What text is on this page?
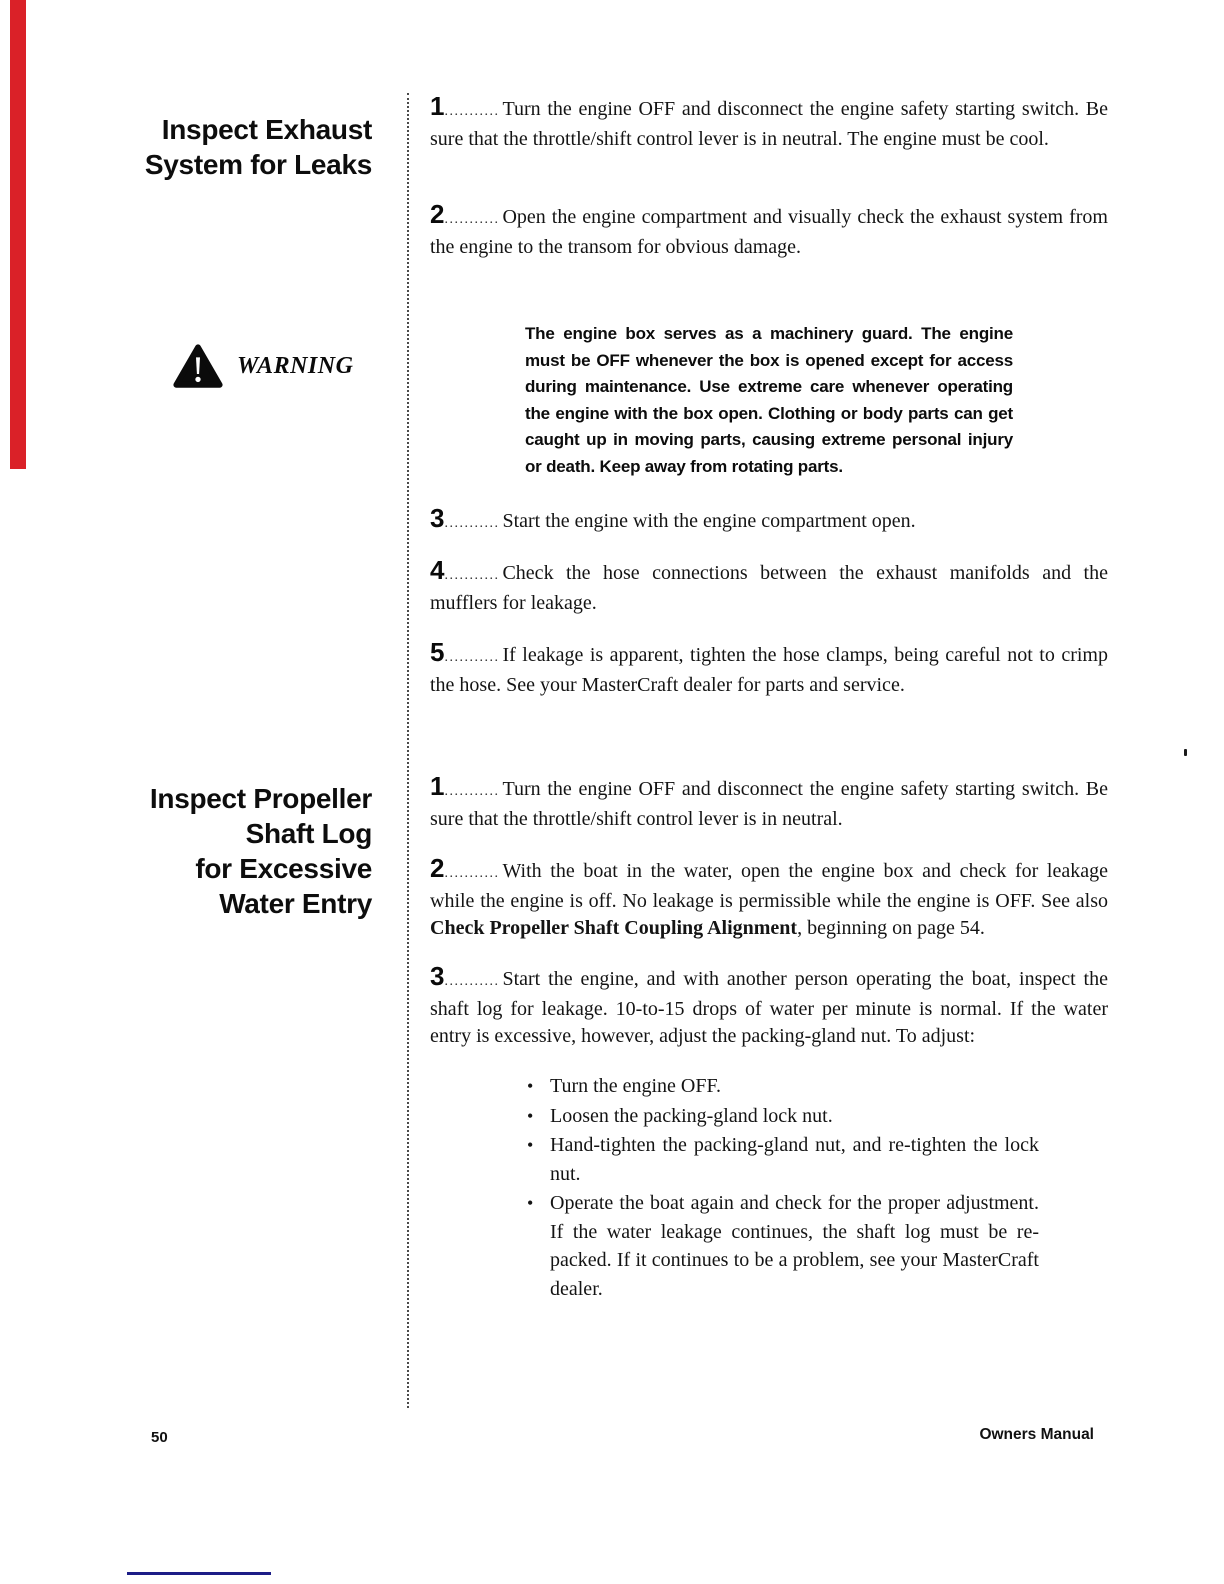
Inspect Exhaust
System for Leaks
WARNING
Inspect Propeller
Shaft Log
for Excessive
Water Entry

1........... Turn the engine OFF and disconnect the engine safety starting switch. Be sure that the throttle/shift control lever is in neutral. The engine must be cool.

2........... Open the engine compartment and visually check the exhaust system from the engine to the transom for obvious damage.

The engine box serves as a machinery guard. The engine must be OFF whenever the box is opened except for access during maintenance. Use extreme care whenever operating the engine with the box open. Clothing or body parts can get caught up in moving parts, causing extreme personal injury or death. Keep away from rotating parts.

3........... Start the engine with the engine compartment open.

4........... Check the hose connections between the exhaust manifolds and the mufflers for leakage.

5........... If leakage is apparent, tighten the hose clamps, being careful not to crimp the hose. See your MasterCraft dealer for parts and service.

1........... Turn the engine OFF and disconnect the engine safety starting switch. Be sure that the throttle/shift control lever is in neutral.

2........... With the boat in the water, open the engine box and check for leakage while the engine is off. No leakage is permissible while the engine is OFF. See also Check Propeller Shaft Coupling Alignment, beginning on page 54.

3........... Start the engine, and with another person operating the boat, inspect the shaft log for leakage. 10-to-15 drops of water per minute is normal. If the water entry is excessive, however, adjust the packing-gland nut. To adjust:

• Turn the engine OFF.
• Loosen the packing-gland lock nut.
• Hand-tighten the packing-gland nut, and re-tighten the lock nut.
• Operate the boat again and check for the proper adjustment. If the water leakage continues, the shaft log must be re-packed. If it continues to be a problem, see your MasterCraft dealer.
50	Owners Manual
